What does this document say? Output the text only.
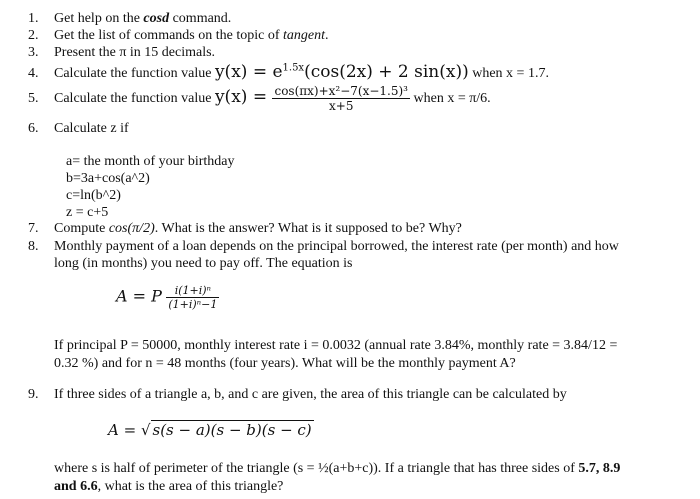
1. Get help on the cosd command.
2. Get the list of commands on the topic of tangent.
3. Present the π in 15 decimals.
4. Calculate the function value $y(x) = e^{1.5x}(\cos(2x) + 2$ sin(x)) when x = 1.7.
5. Calculate the function value $y(x) = \frac{\text{cos(πx)+x²−7(x−1.5)³}}{x+5}$ when x = π/6.
6. Calculate z if
a= the month of your birthday
b=3a+cos(a^2)
c=ln(b^2)
z = c+5
7. Compute cos(π/2). What is the answer? What is it supposed to be? Why?
8. Monthly payment of a loan depends on the principal borrowed, the interest rate (per month) and how
long (in months) you need to pay off. The equation is
A = P $\frac{\text{i(1+i)ⁿ}}{\text{(1+i)ⁿ−1}}$
If principal P = 50000, monthly interest rate i = 0.0032 (annual rate 3.84%, monthly rate = 3.84/12 = 0.32 %) and for n = 48 months (four years). What will be the monthly payment A?
9. If three sides of a triangle a, b, and c are given, the area of this triangle can be calculated by
A = √ s(s − a)(s − b)(s − c)
where s is half of perimeter of the triangle (s = ½(a+b+c)). If a triangle that has three sides of 5.7, 8.9
and 6.6, what is the area of this triangle?
